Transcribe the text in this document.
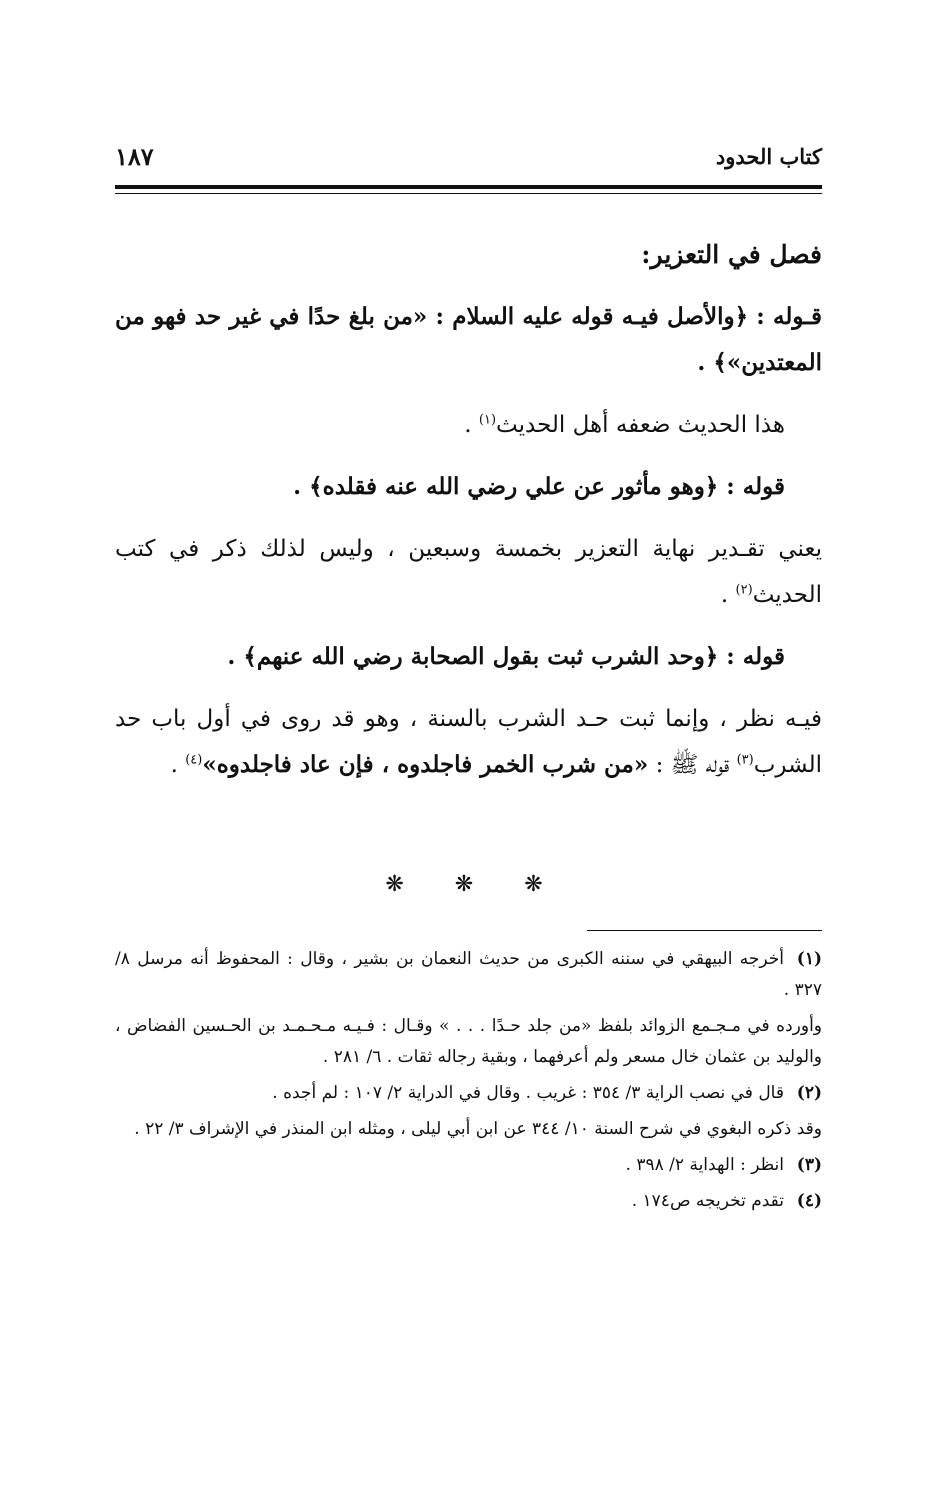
كتاب الحدود
١٨٧
فصل في التعزير:

قـوله : ﴿والأصل فيـه قوله عليه السلام : «من بلغ حدًا في غير حد فهو من المعتدين»﴾ .

هذا الحديث ضعفه أهل الحديث$^{(١)}$ .

قوله : ﴿وهو مأثور عن علي رضي الله عنه فقلده﴾ .

يعني تقـدير نهاية التعزير بخمسة وسبعين ، وليس لذلك ذكر في كتب الحديث$^{(٢)}$ .

قوله : ﴿وحد الشرب ثبت بقول الصحابة رضي الله عنهم﴾ .

فيـه نظر ، وإنما ثبت حـد الشرب بالسنة ، وهو قد روى في أول باب حد الشرب$^{(٣)}$ قوله ﷺ : «من شرب الخمر فاجلدوه ، فإن عاد فاجلدوه»$^{(٤)}$ .

❋ ❋ ❋

(١)أخرجه البيهقي في سننه الكبرى من حديث النعمان بن بشير ، وقال : المحفوظ أنه مرسل ٨/ ٣٢٧ .

وأورده في مـجـمع الزوائد بلفظ «من جلد حـدًا . . . » وقـال : فـيـه مـحـمـد بن الحـسين الفضاض ، والوليد بن عثمان خال مسعر ولم أعرفهما ، وبقية رجاله ثقات . ٦/ ٢٨١ .

(٢)قال في نصب الراية ٣/ ٣٥٤ : غريب . وقال في الدراية ٢/ ١٠٧ : لم أجده .

وقد ذكره البغوي في شرح السنة ١٠/ ٣٤٤ عن ابن أبي ليلى ، ومثله ابن المنذر في الإشراف ٣/ ٢٢ .

(٣)انظر : الهداية ٢/ ٣٩٨ .

(٤)تقدم تخريجه ص١٧٤ .
